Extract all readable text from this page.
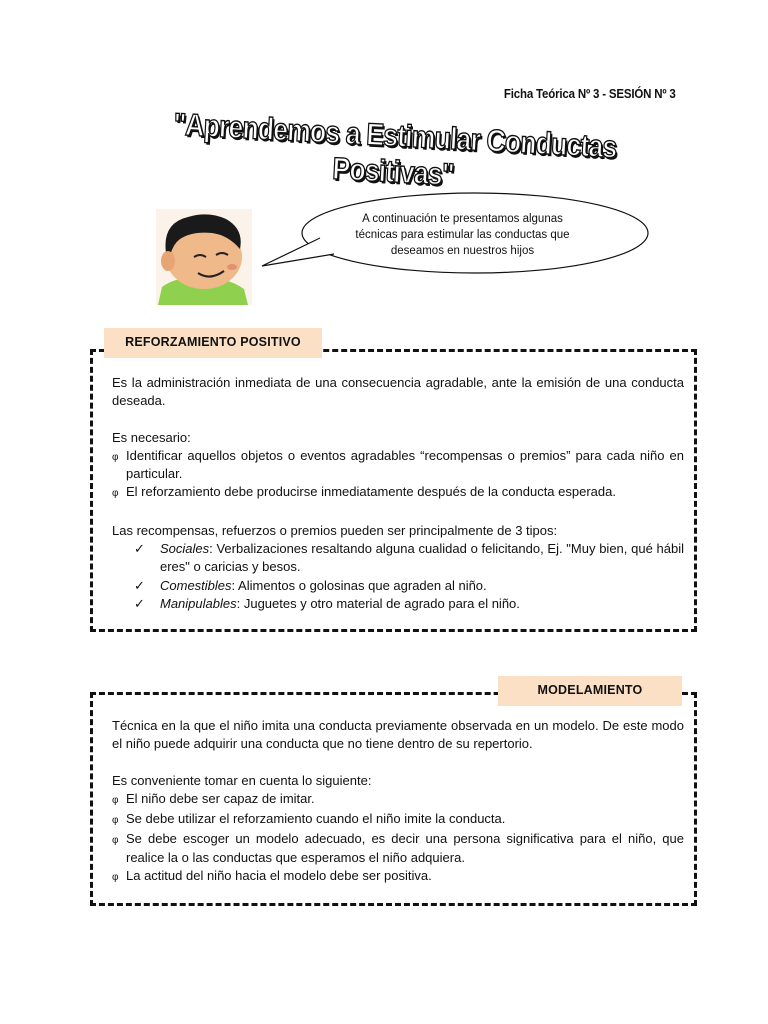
Ficha Teórica Nº 3 - SESIÓN Nº 3
"Aprendemos a Estimular Conductas Positivas"
A continuación te presentamos algunas
técnicas para estimular las conductas que
deseamos en nuestros hijos
REFORZAMIENTO POSITIVO

Es la administración inmediata de una consecuencia agradable, ante la emisión de una conducta deseada.

Es necesario:

φ Identificar aquellos objetos o eventos agradables “recompensas o premios” para cada niño en particular.
φ El reforzamiento debe producirse inmediatamente después de la conducta esperada.

Las recompensas, refuerzos o premios pueden ser principalmente de 3 tipos:

✓	Sociales: Verbalizaciones resaltando alguna cualidad o felicitando, Ej. "Muy bien, qué hábil eres" o caricias y besos.
✓	Comestibles: Alimentos o golosinas que agraden al niño.
✓	Manipulables: Juguetes y otro material de agrado para el niño.
MODELAMIENTO

Técnica en la que el niño imita una conducta previamente observada en un modelo. De este modo el niño puede adquirir una conducta que no tiene dentro de su repertorio.

Es conveniente tomar en cuenta lo siguiente:

φ El niño debe ser capaz de imitar.
φ Se debe utilizar el reforzamiento cuando el niño imite la conducta.
φ Se debe escoger un modelo adecuado, es decir una persona significativa para el niño, que realice la o las conductas que esperamos el niño adquiera.
φ La actitud del niño hacia el modelo debe ser positiva.
